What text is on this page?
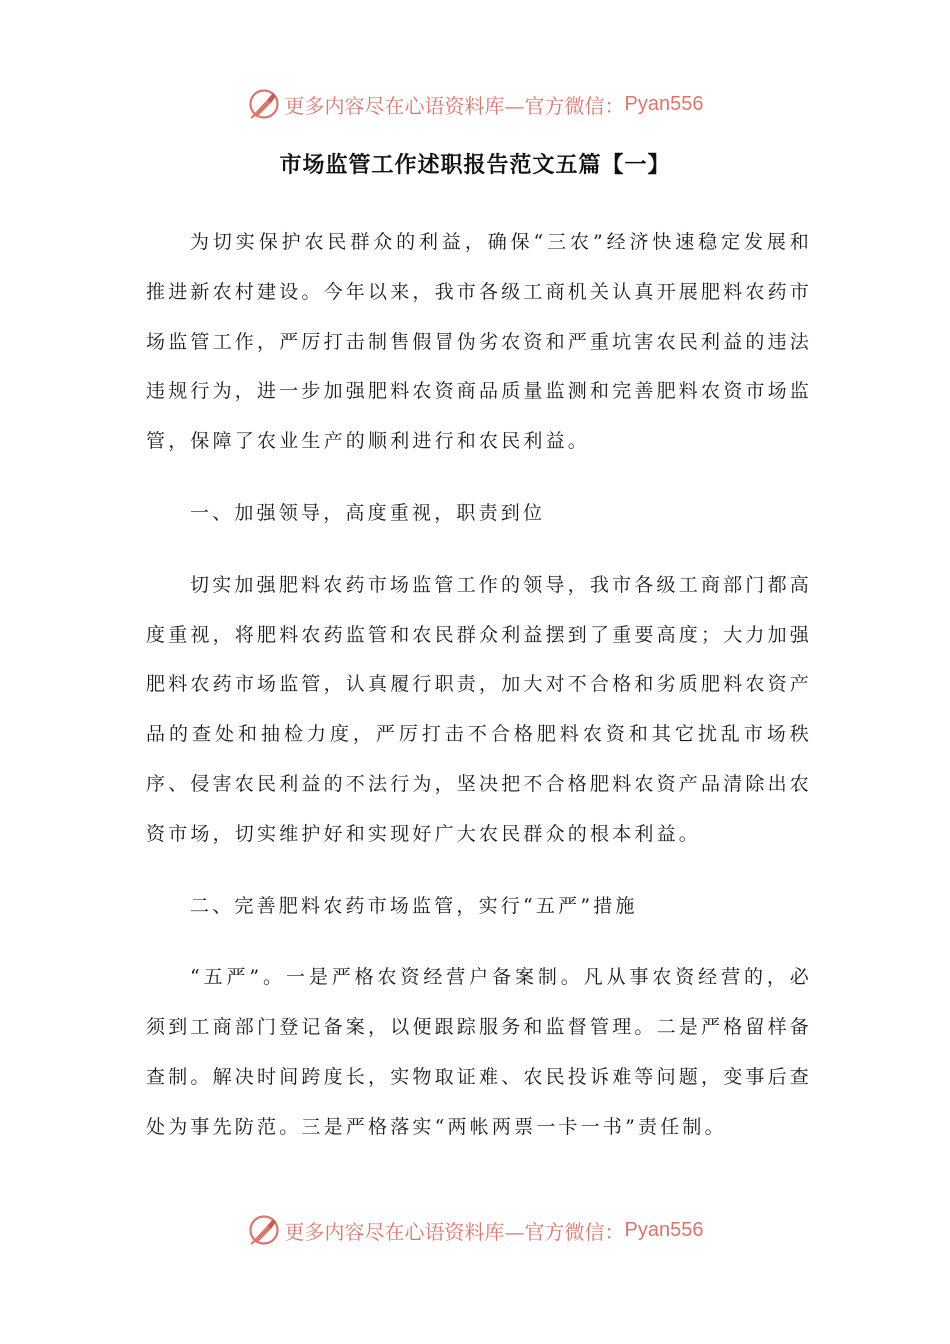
更多内容尽在心语资料库—官方微信： Pyan556
市场监管工作述职报告范文五篇【一】

为切实保护农民群众的利益，确保“三农”经济快速稳定发展和推进新农村建设。今年以来，我市各级工商机关认真开展肥料农药市场监管工作，严厉打击制售假冒伪劣农资和严重坑害农民利益的违法违规行为，进一步加强肥料农资商品质量监测和完善肥料农资市场监管，保障了农业生产的顺利进行和农民利益。

一、加强领导，高度重视，职责到位

切实加强肥料农药市场监管工作的领导，我市各级工商部门都高度重视，将肥料农药监管和农民群众利益摆到了重要高度；大力加强肥料农药市场监管，认真履行职责，加大对不合格和劣质肥料农资产品的查处和抽检力度，严厉打击不合格肥料农资和其它扰乱市场秩序、侵害农民利益的不法行为，坚决把不合格肥料农资产品清除出农资市场，切实维护好和实现好广大农民群众的根本利益。

二、完善肥料农药市场监管，实行“五严”措施

“五严”。一是严格农资经营户备案制。凡从事农资经营的，必须到工商部门登记备案，以便跟踪服务和监督管理。二是严格留样备查制。解决时间跨度长，实物取证难、农民投诉难等问题，变事后查处为事先防范。三是严格落实“两帐两票一卡一书”责任制。

更多内容尽在心语资料库—官方微信： Pyan556
